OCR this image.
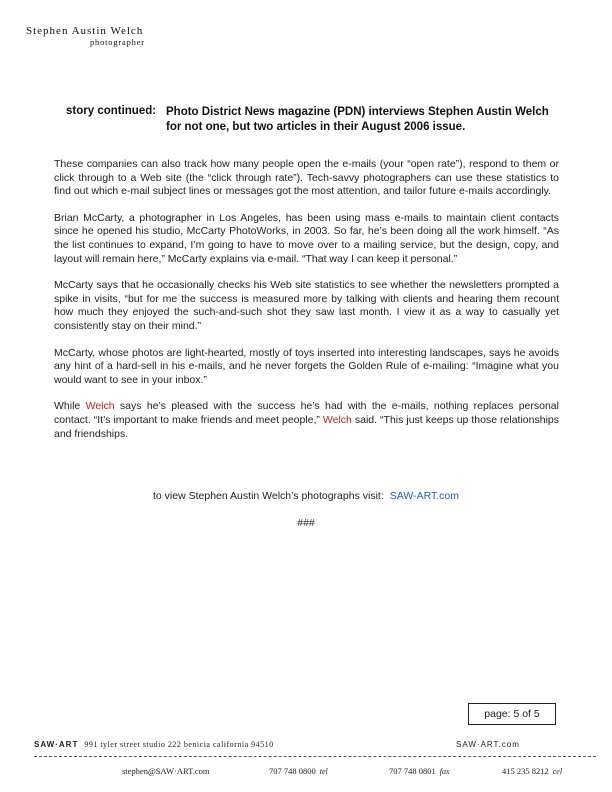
Stephen Austin Welch
photographer
story continued: Photo District News magazine (PDN) interviews Stephen Austin Welch for not one, but two articles in their August 2006 issue.

These companies can also track how many people open the e-mails (your “open rate”), respond to them or click through to a Web site (the “click through rate”). Tech-savvy photographers can use these statistics to find out which e-mail subject lines or messages got the most attention, and tailor future e-mails accordingly.

Brian McCarty, a photographer in Los Angeles, has been using mass e-mails to maintain client contacts since he opened his studio, McCarty PhotoWorks, in 2003. So far, he’s been doing all the work himself. “As the list continues to expand, I’m going to have to move over to a mailing service, but the design, copy, and layout will remain here,” McCarty explains via e-mail. “That way I can keep it personal.”

McCarty says that he occasionally checks his Web site statistics to see whether the newsletters prompted a spike in visits, “but for me the success is measured more by talking with clients and hearing them recount how much they enjoyed the such-and-such shot they saw last month. I view it as a way to casually yet consistently stay on their mind.”

McCarty, whose photos are light-hearted, mostly of toys inserted into interesting landscapes, says he avoids any hint of a hard-sell in his e-mails, and he never forgets the Golden Rule of e-mailing: “Imagine what you would want to see in your inbox.”

While Welch says he’s pleased with the success he’s had with the e-mails, nothing replaces personal contact. “It’s important to make friends and meet people,” Welch said. “This just keeps up those relationships and friendships.

to view Stephen Austin Welch’s photographs visit: SAW-ART.com
###
page: 5 of 5
SAW·ART 991 tyler street studio 222 benicia california 94510	SAW·ART.com
stephen@SAW·ART.com	707 748 0800 tel	707 748 0801 fax	415 235 8212 cel
